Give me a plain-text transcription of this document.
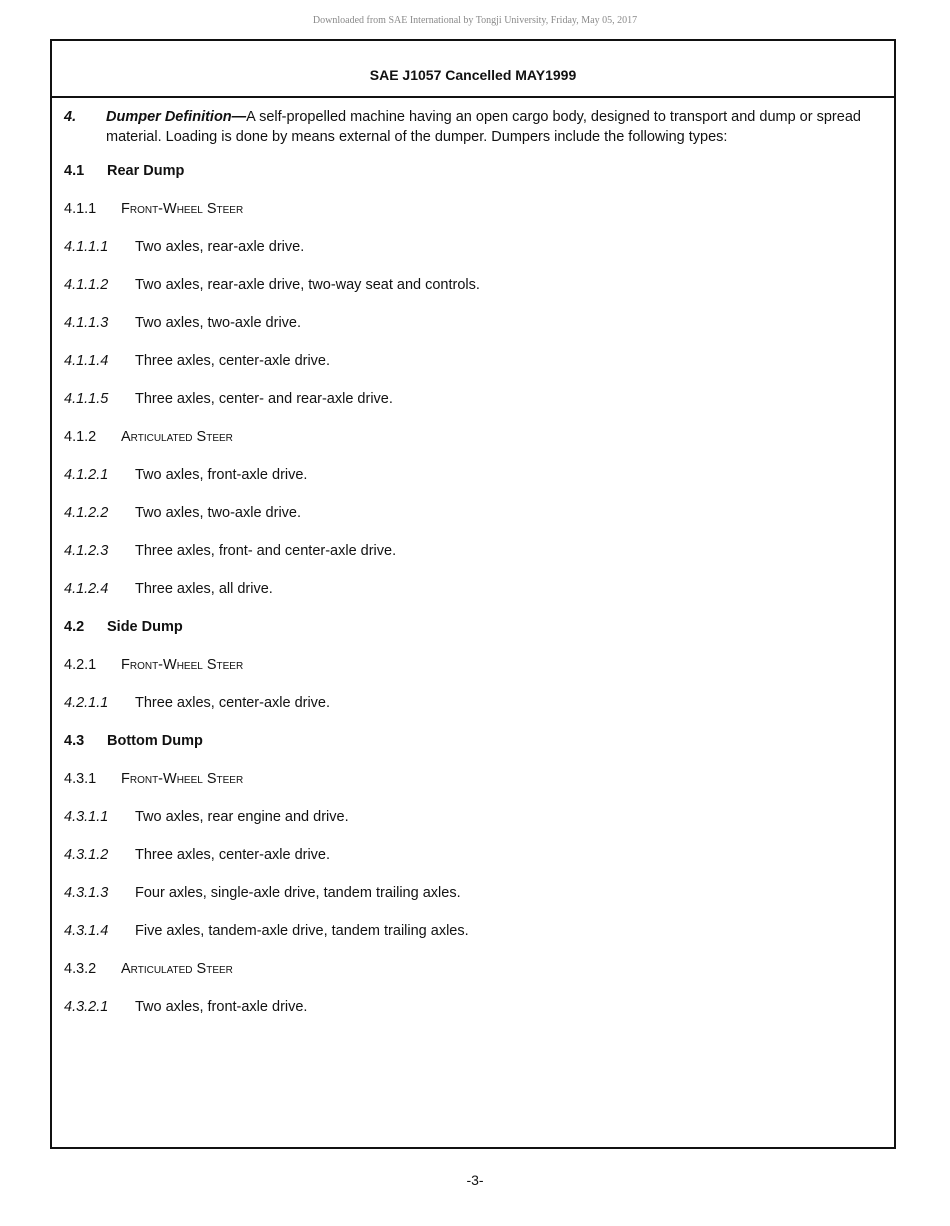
Downloaded from SAE International by Tongji University, Friday, May 05, 2017
SAE J1057 Cancelled MAY1999
4.	Dumper Definition—A self-propelled machine having an open cargo body, designed to transport and dump or spread material. Loading is done by means external of the dumper. Dumpers include the following types:
4.1	Rear Dump
4.1.1	Front-Wheel Steer
4.1.1.1	Two axles, rear-axle drive.
4.1.1.2	Two axles, rear-axle drive, two-way seat and controls.
4.1.1.3	Two axles, two-axle drive.
4.1.1.4	Three axles, center-axle drive.
4.1.1.5	Three axles, center- and rear-axle drive.
4.1.2	Articulated Steer
4.1.2.1	Two axles, front-axle drive.
4.1.2.2	Two axles, two-axle drive.
4.1.2.3	Three axles, front- and center-axle drive.
4.1.2.4	Three axles, all drive.
4.2	Side Dump
4.2.1	Front-Wheel Steer
4.2.1.1	Three axles, center-axle drive.
4.3	Bottom Dump
4.3.1	Front-Wheel Steer
4.3.1.1	Two axles, rear engine and drive.
4.3.1.2	Three axles, center-axle drive.
4.3.1.3	Four axles, single-axle drive, tandem trailing axles.
4.3.1.4	Five axles, tandem-axle drive, tandem trailing axles.
4.3.2	Articulated Steer
4.3.2.1	Two axles, front-axle drive.
-3-
